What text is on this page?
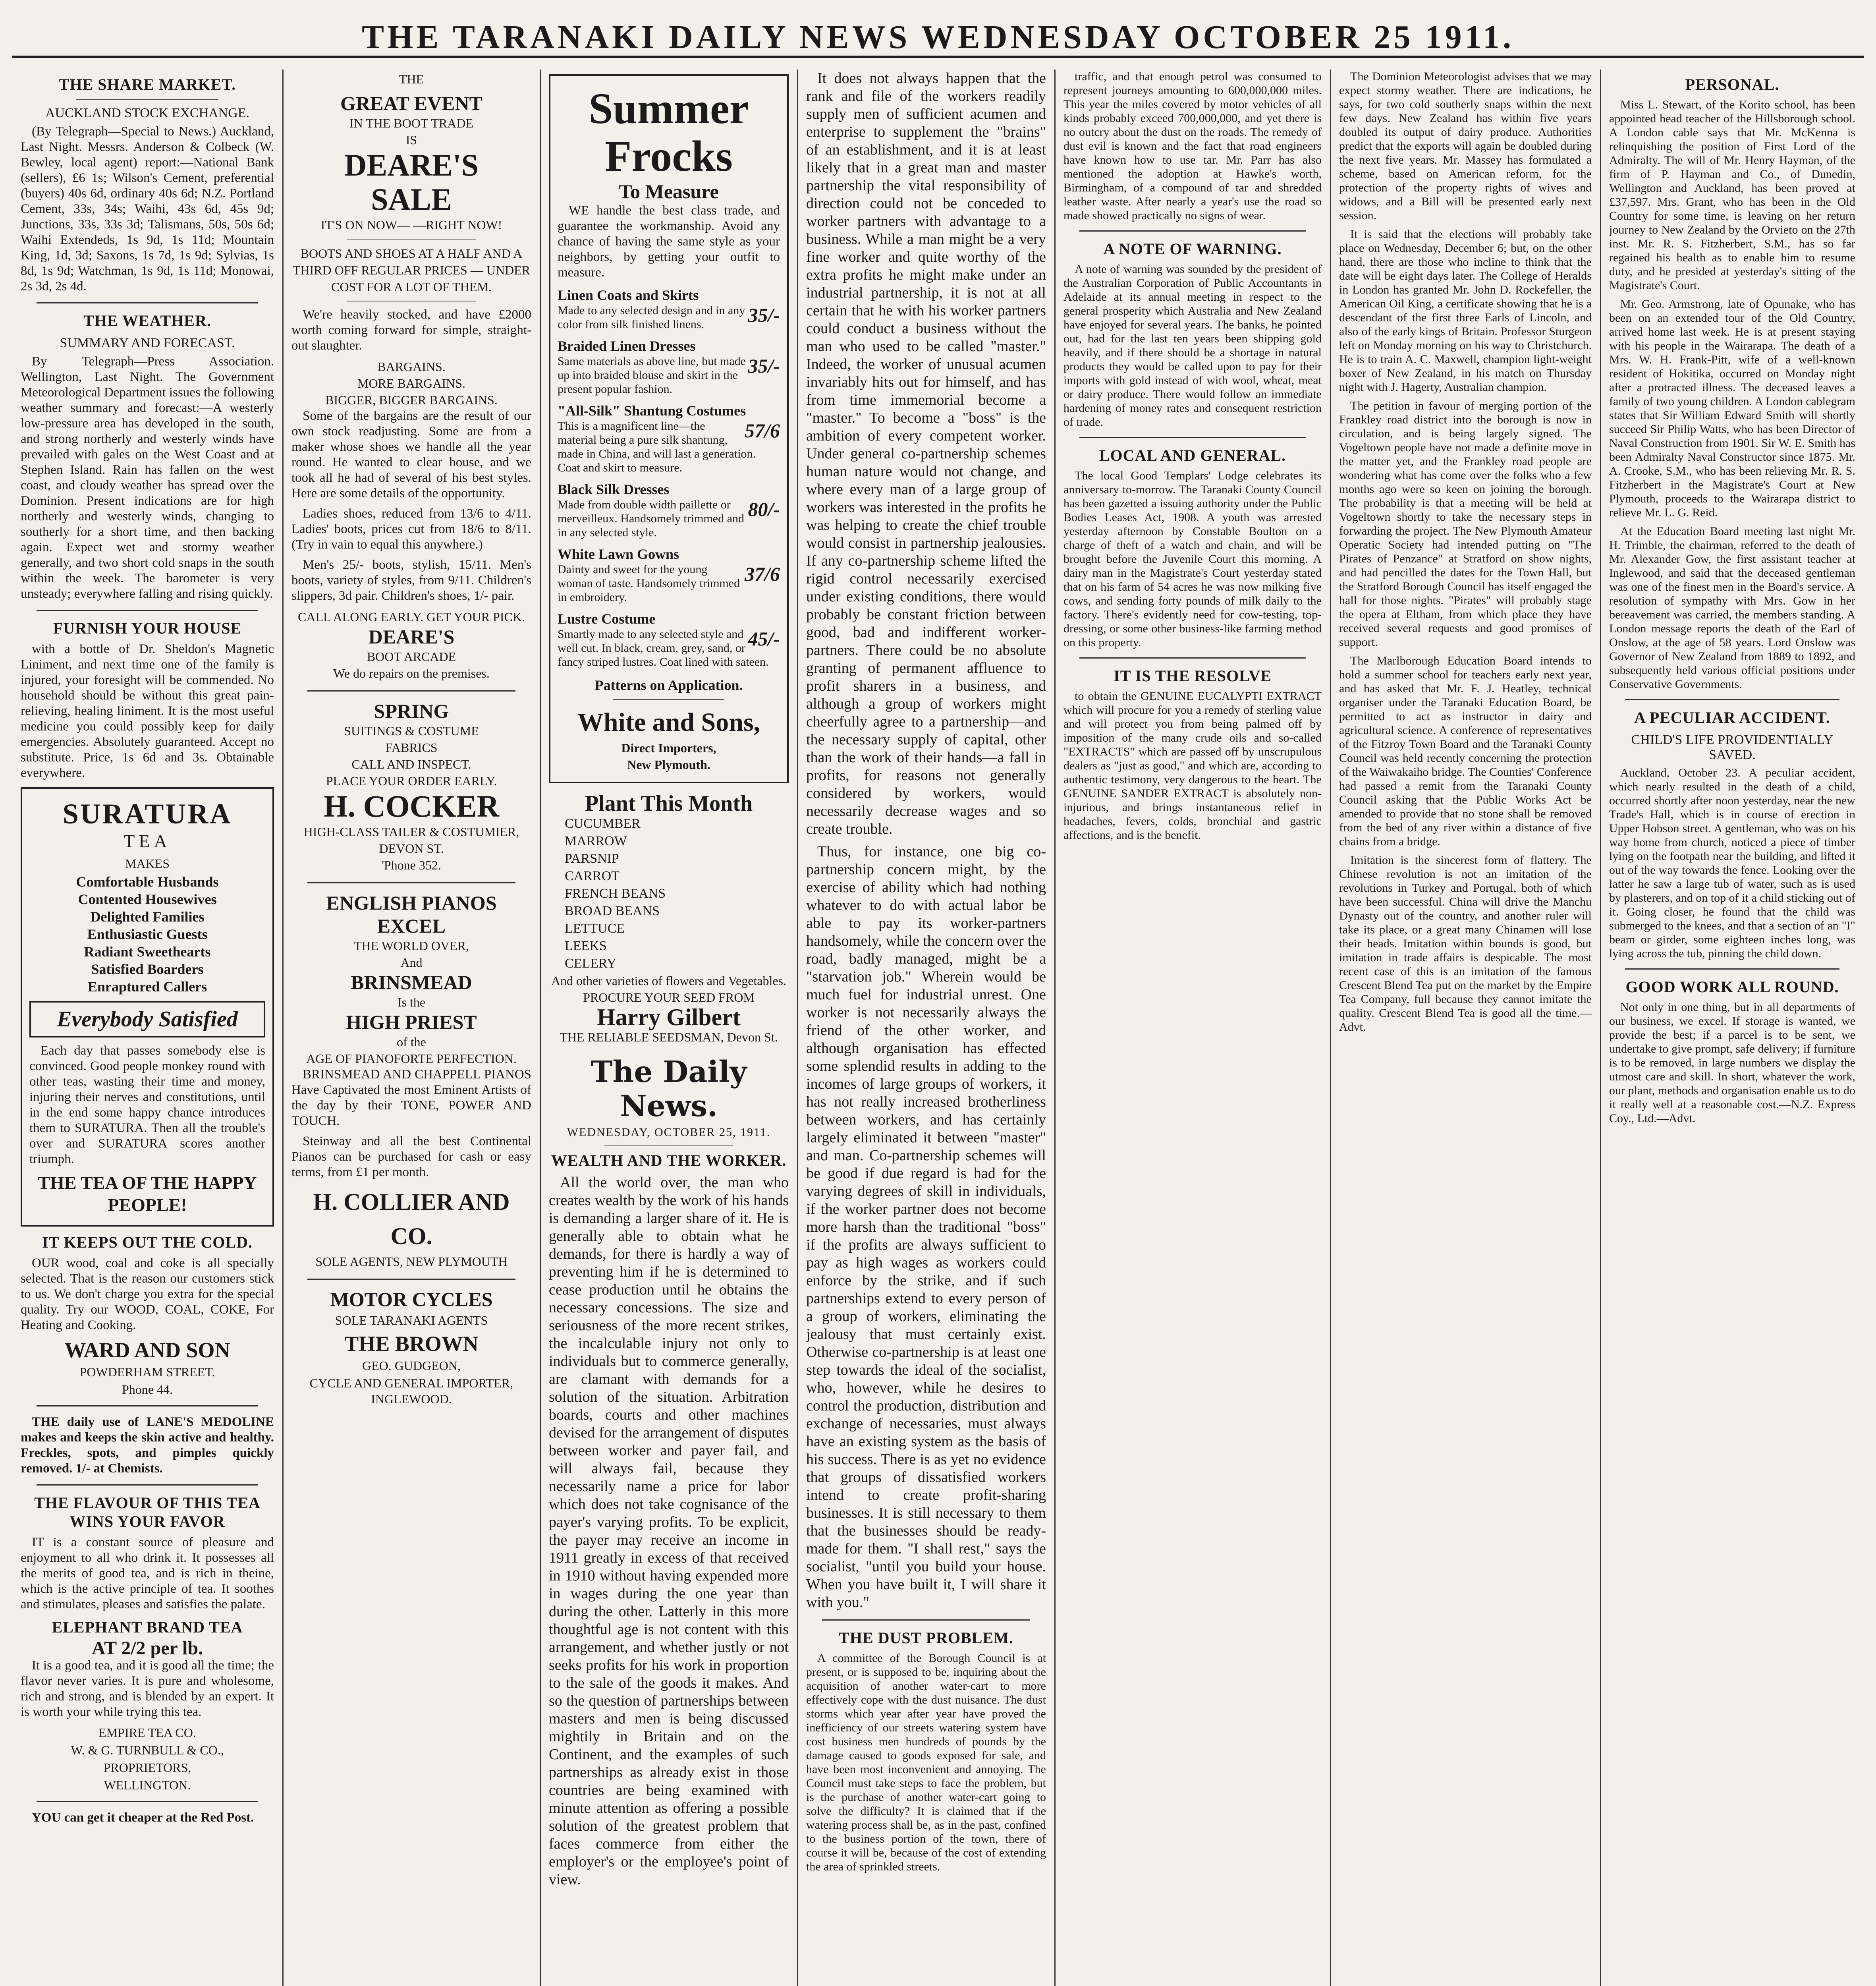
THE TARANAKI DAILY NEWS WEDNESDAY OCTOBER 25 1911.
THE SHARE MARKET.
AUCKLAND STOCK EXCHANGE.

(By Telegraph—Special to News.) Auckland, Last Night. Messrs. Anderson & Colbeck (W. Bewley, local agent) report:—National Bank (sellers), £6 1s; Wilson's Cement, preferential (buyers) 40s 6d, ordinary 40s 6d; N.Z. Portland Cement, 33s, 34s; Waihi, 43s 6d, 45s 9d; Junctions, 33s, 33s 3d; Talismans, 50s, 50s 6d; Waihi Extendeds, 1s 9d, 1s 11d; Mountain King, 1d, 3d; Saxons, 1s 7d, 1s 9d; Sylvias, 1s 8d, 1s 9d; Watchman, 1s 9d, 1s 11d; Monowai, 2s 3d, 2s 4d.

THE WEATHER.
SUMMARY AND FORECAST.

By Telegraph—Press Association. Wellington, Last Night. The Government Meteorological Department issues the following weather summary and forecast:—A westerly low-pressure area has developed in the south, and strong northerly and westerly winds have prevailed with gales on the West Coast and at Stephen Island. Rain has fallen on the west coast, and cloudy weather has spread over the Dominion. Present indications are for high northerly and westerly winds, changing to southerly for a short time, and then backing again. Expect wet and stormy weather generally, and two short cold snaps in the south within the week. The barometer is very unsteady; everywhere falling and rising quickly.

FURNISH YOUR HOUSE

with a bottle of Dr. Sheldon's Magnetic Liniment, and next time one of the family is injured, your foresight will be commended. No household should be without this great pain-relieving, healing liniment. It is the most useful medicine you could possibly keep for daily emergencies. Absolutely guaranteed. Accept no substitute. Price, 1s 6d and 3s. Obtainable everywhere.

SURATURA
TEA
MAKES
Comfortable Husbands
Contented Housewives
Delighted Families
Enthusiastic Guests
Radiant Sweethearts
Satisfied Boarders
Enraptured Callers
Everybody Satisfied

Each day that passes somebody else is convinced. Good people monkey round with other teas, wasting their time and money, injuring their nerves and constitutions, until in the end some happy chance introduces them to SURATURA. Then all the trouble's over and SURATURA scores another triumph.

THE TEA OF THE HAPPY PEOPLE!
IT KEEPS OUT THE COLD.

OUR wood, coal and coke is all specially selected. That is the reason our customers stick to us. We don't charge you extra for the special quality. Try our WOOD, COAL, COKE, For Heating and Cooking.

WARD AND SON
POWDERHAM STREET.
Phone 44.

THE daily use of LANE'S MEDOLINE makes and keeps the skin active and healthy. Freckles, spots, and pimples quickly removed. 1/- at Chemists.

THE FLAVOUR OF THIS TEA WINS YOUR FAVOR

IT is a constant source of pleasure and enjoyment to all who drink it. It possesses all the merits of good tea, and is rich in theine, which is the active principle of tea. It soothes and stimulates, pleases and satisfies the palate.

ELEPHANT BRAND TEA
AT 2/2 per lb.

It is a good tea, and it is good all the time; the flavor never varies. It is pure and wholesome, rich and strong, and is blended by an expert. It is worth your while trying this tea.

EMPIRE TEA CO.
W. & G. TURNBULL & CO.,
PROPRIETORS,
WELLINGTON.

YOU can get it cheaper at the Red Post.

THE
GREAT EVENT
IN THE BOOT TRADE
IS
DEARE'S
SALE
IT'S ON NOW— —RIGHT NOW!
BOOTS AND SHOES AT A HALF AND A THIRD OFF REGULAR PRICES — UNDER COST FOR A LOT OF THEM.

We're heavily stocked, and have £2000 worth coming forward for simple, straight-out slaughter.

BARGAINS.
MORE BARGAINS.
BIGGER, BIGGER BARGAINS.

Some of the bargains are the result of our own stock readjusting. Some are from a maker whose shoes we handle all the year round. He wanted to clear house, and we took all he had of several of his best styles. Here are some details of the opportunity.

Ladies shoes, reduced from 13/6 to 4/11. Ladies' boots, prices cut from 18/6 to 8/11. (Try in vain to equal this anywhere.)

Men's 25/- boots, stylish, 15/11. Men's boots, variety of styles, from 9/11. Children's slippers, 3d pair. Children's shoes, 1/- pair.

CALL ALONG EARLY. GET YOUR PICK.
DEARE'S
BOOT ARCADE
We do repairs on the premises.
SPRING
SUITINGS & COSTUME
FABRICS
CALL AND INSPECT.
PLACE YOUR ORDER EARLY.
H. COCKER
HIGH-CLASS TAILER & COSTUMIER, DEVON ST.
'Phone 352.
ENGLISH PIANOS
EXCEL
THE WORLD OVER,
And
BRINSMEAD
Is the
HIGH PRIEST
of the
AGE OF PIANOFORTE PERFECTION.

BRINSMEAD AND CHAPPELL PIANOS Have Captivated the most Eminent Artists of the day by their TONE, POWER AND TOUCH.

Steinway and all the best Continental Pianos can be purchased for cash or easy terms, from £1 per month.

H. COLLIER AND CO.
SOLE AGENTS, NEW PLYMOUTH
MOTOR CYCLES
SOLE TARANAKI AGENTS
THE BROWN
GEO. GUDGEON,
CYCLE AND GENERAL IMPORTER, INGLEWOOD.
Summer
Frocks
To Measure

WE handle the best class trade, and guarantee the workmanship. Avoid any chance of having the same style as your neighbors, by getting your outfit to measure.

Linen Coats and Skirts
35/-
Made to any selected design and in any color from silk finished linens.
Braided Linen Dresses
35/-
Same materials as above line, but made up into braided blouse and skirt in the present popular fashion.
"All-Silk" Shantung Costumes
57/6
This is a magnificent line—the material being a pure silk shantung, made in China, and will last a generation. Coat and skirt to measure.
Black Silk Dresses
80/-
Made from double width paillette or merveilleux. Handsomely trimmed and in any selected style.
White Lawn Gowns
37/6
Dainty and sweet for the young woman of taste. Handsomely trimmed in embroidery.
Lustre Costume
45/-
Smartly made to any selected style and well cut. In black, cream, grey, sand, or fancy striped lustres. Coat lined with sateen.
Patterns on Application.
White and Sons,
Direct Importers,
New Plymouth.
Plant This Month
CUCUMBER
MARROW
PARSNIP
CARROT
FRENCH BEANS
BROAD BEANS
LETTUCE
LEEKS
CELERY
And other varieties of flowers and Vegetables.
PROCURE YOUR SEED FROM
Harry Gilbert
THE RELIABLE SEEDSMAN, Devon St.
The Daily News.
WEDNESDAY, OCTOBER 25, 1911.
WEALTH AND THE WORKER.

All the world over, the man who creates wealth by the work of his hands is demanding a larger share of it. He is generally able to obtain what he demands, for there is hardly a way of preventing him if he is determined to cease production until he obtains the necessary concessions. The size and seriousness of the more recent strikes, the incalculable injury not only to individuals but to commerce generally, are clamant with demands for a solution of the situation. Arbitration boards, courts and other machines devised for the arrangement of disputes between worker and payer fail, and will always fail, because they necessarily name a price for labor which does not take cognisance of the payer's varying profits. To be explicit, the payer may receive an income in 1911 greatly in excess of that received in 1910 without having expended more in wages during the one year than during the other. Latterly in this more thoughtful age is not content with this arrangement, and whether justly or not seeks profits for his work in proportion to the sale of the goods it makes. And so the question of partnerships between masters and men is being discussed mightily in Britain and on the Continent, and the examples of such partnerships as already exist in those countries are being examined with minute attention as offering a possible solution of the greatest problem that faces commerce from either the employer's or the employee's point of view.

It does not always happen that the rank and file of the workers readily supply men of sufficient acumen and enterprise to supplement the "brains" of an establishment, and it is at least likely that in a great man and master partnership the vital responsibility of direction could not be conceded to worker partners with advantage to a business. While a man might be a very fine worker and quite worthy of the extra profits he might make under an industrial partnership, it is not at all certain that he with his worker partners could conduct a business without the man who used to be called "master." Indeed, the worker of unusual acumen invariably hits out for himself, and has from time immemorial become a "master." To become a "boss" is the ambition of every competent worker. Under general co-partnership schemes human nature would not change, and where every man of a large group of workers was interested in the profits he was helping to create the chief trouble would consist in partnership jealousies. If any co-partnership scheme lifted the rigid control necessarily exercised under existing conditions, there would probably be constant friction between good, bad and indifferent worker-partners. There could be no absolute granting of permanent affluence to profit sharers in a business, and although a group of workers might cheerfully agree to a partnership—and the necessary supply of capital, other than the work of their hands—a fall in profits, for reasons not generally considered by workers, would necessarily decrease wages and so create trouble.

Thus, for instance, one big co-partnership concern might, by the exercise of ability which had nothing whatever to do with actual labor be able to pay its worker-partners handsomely, while the concern over the road, badly managed, might be a "starvation job." Wherein would be much fuel for industrial unrest. One worker is not necessarily always the friend of the other worker, and although organisation has effected some splendid results in adding to the incomes of large groups of workers, it has not really increased brotherliness between workers, and has certainly largely eliminated it between "master" and man. Co-partnership schemes will be good if due regard is had for the varying degrees of skill in individuals, if the worker partner does not become more harsh than the traditional "boss" if the profits are always sufficient to pay as high wages as workers could enforce by the strike, and if such partnerships extend to every person of a group of workers, eliminating the jealousy that must certainly exist. Otherwise co-partnership is at least one step towards the ideal of the socialist, who, however, while he desires to control the production, distribution and exchange of necessaries, must always have an existing system as the basis of his success. There is as yet no evidence that groups of dissatisfied workers intend to create profit-sharing businesses. It is still necessary to them that the businesses should be ready-made for them. "I shall rest," says the socialist, "until you build your house. When you have built it, I will share it with you."

THE DUST PROBLEM.

A committee of the Borough Council is at present, or is supposed to be, inquiring about the acquisition of another water-cart to more effectively cope with the dust nuisance. The dust storms which year after year have proved the inefficiency of our streets watering system have cost business men hundreds of pounds by the damage caused to goods exposed for sale, and have been most inconvenient and annoying. The Council must take steps to face the problem, but is the purchase of another water-cart going to solve the difficulty? It is claimed that if the watering process shall be, as in the past, confined to the business portion of the town, there of course it will be, because of the cost of extending the area of sprinkled streets.

traffic, and that enough petrol was consumed to represent journeys amounting to 600,000,000 miles. This year the miles covered by motor vehicles of all kinds probably exceed 700,000,000, and yet there is no outcry about the dust on the roads. The remedy of dust evil is known and the fact that road engineers have known how to use tar. Mr. Parr has also mentioned the adoption at Hawke's worth, Birmingham, of a compound of tar and shredded leather waste. After nearly a year's use the road so made showed practically no signs of wear.

A NOTE OF WARNING.

A note of warning was sounded by the president of the Australian Corporation of Public Accountants in Adelaide at its annual meeting in respect to the general prosperity which Australia and New Zealand have enjoyed for several years. The banks, he pointed out, had for the last ten years been shipping gold heavily, and if there should be a shortage in natural products they would be called upon to pay for their imports with gold instead of with wool, wheat, meat or dairy produce. There would follow an immediate hardening of money rates and consequent restriction of trade.

LOCAL AND GENERAL.

The local Good Templars' Lodge celebrates its anniversary to-morrow. The Taranaki County Council has been gazetted a issuing authority under the Public Bodies Leases Act, 1908. A youth was arrested yesterday afternoon by Constable Boulton on a charge of theft of a watch and chain, and will be brought before the Juvenile Court this morning. A dairy man in the Magistrate's Court yesterday stated that on his farm of 54 acres he was now milking five cows, and sending forty pounds of milk daily to the factory. There's evidently need for cow-testing, top-dressing, or some other business-like farming method on this property.

IT IS THE RESOLVE

to obtain the GENUINE EUCALYPTI EXTRACT which will procure for you a remedy of sterling value and will protect you from being palmed off by imposition of the many crude oils and so-called "EXTRACTS" which are passed off by unscrupulous dealers as "just as good," and which are, according to authentic testimony, very dangerous to the heart. The GENUINE SANDER EXTRACT is absolutely non-injurious, and brings instantaneous relief in headaches, fevers, colds, bronchial and gastric affections, and is the benefit.

The Dominion Meteorologist advises that we may expect stormy weather. There are indications, he says, for two cold southerly snaps within the next few days. New Zealand has within five years doubled its output of dairy produce. Authorities predict that the exports will again be doubled during the next five years. Mr. Massey has formulated a scheme, based on American reform, for the protection of the property rights of wives and widows, and a Bill will be presented early next session.

It is said that the elections will probably take place on Wednesday, December 6; but, on the other hand, there are those who incline to think that the date will be eight days later. The College of Heralds in London has granted Mr. John D. Rockefeller, the American Oil King, a certificate showing that he is a descendant of the first three Earls of Lincoln, and also of the early kings of Britain. Professor Sturgeon left on Monday morning on his way to Christchurch. He is to train A. C. Maxwell, champion light-weight boxer of New Zealand, in his match on Thursday night with J. Hagerty, Australian champion.

The petition in favour of merging portion of the Frankley road district into the borough is now in circulation, and is being largely signed. The Vogeltown people have not made a definite move in the matter yet, and the Frankley road people are wondering what has come over the folks who a few months ago were so keen on joining the borough. The probability is that a meeting will be held at Vogeltown shortly to take the necessary steps in forwarding the project. The New Plymouth Amateur Operatic Society had intended putting on "The Pirates of Penzance" at Stratford on show nights, and had pencilled the dates for the Town Hall, but the Stratford Borough Council has itself engaged the hall for those nights. "Pirates" will probably stage the opera at Eltham, from which place they have received several requests and good promises of support.

The Marlborough Education Board intends to hold a summer school for teachers early next year, and has asked that Mr. F. J. Heatley, technical organiser under the Taranaki Education Board, be permitted to act as instructor in dairy and agricultural science. A conference of representatives of the Fitzroy Town Board and the Taranaki County Council was held recently concerning the protection of the Waiwakaiho bridge. The Counties' Conference had passed a remit from the Taranaki County Council asking that the Public Works Act be amended to provide that no stone shall be removed from the bed of any river within a distance of five chains from a bridge.

Imitation is the sincerest form of flattery. The Chinese revolution is not an imitation of the revolutions in Turkey and Portugal, both of which have been successful. China will drive the Manchu Dynasty out of the country, and another ruler will take its place, or a great many Chinamen will lose their heads. Imitation within bounds is good, but imitation in trade affairs is despicable. The most recent case of this is an imitation of the famous Crescent Blend Tea put on the market by the Empire Tea Company, full because they cannot imitate the quality. Crescent Blend Tea is good all the time.—Advt.

PERSONAL.

Miss L. Stewart, of the Korito school, has been appointed head teacher of the Hillsborough school. A London cable says that Mr. McKenna is relinquishing the position of First Lord of the Admiralty. The will of Mr. Henry Hayman, of the firm of P. Hayman and Co., of Dunedin, Wellington and Auckland, has been proved at £37,597. Mrs. Grant, who has been in the Old Country for some time, is leaving on her return journey to New Zealand by the Orvieto on the 27th inst. Mr. R. S. Fitzherbert, S.M., has so far regained his health as to enable him to resume duty, and he presided at yesterday's sitting of the Magistrate's Court.

Mr. Geo. Armstrong, late of Opunake, who has been on an extended tour of the Old Country, arrived home last week. He is at present staying with his people in the Wairarapa. The death of a Mrs. W. H. Frank-Pitt, wife of a well-known resident of Hokitika, occurred on Monday night after a protracted illness. The deceased leaves a family of two young children. A London cablegram states that Sir William Edward Smith will shortly succeed Sir Philip Watts, who has been Director of Naval Construction from 1901. Sir W. E. Smith has been Admiralty Naval Constructor since 1875. Mr. A. Crooke, S.M., who has been relieving Mr. R. S. Fitzherbert in the Magistrate's Court at New Plymouth, proceeds to the Wairarapa district to relieve Mr. L. G. Reid.

At the Education Board meeting last night Mr. H. Trimble, the chairman, referred to the death of Mr. Alexander Gow, the first assistant teacher at Inglewood, and said that the deceased gentleman was one of the finest men in the Board's service. A resolution of sympathy with Mrs. Gow in her bereavement was carried, the members standing. A London message reports the death of the Earl of Onslow, at the age of 58 years. Lord Onslow was Governor of New Zealand from 1889 to 1892, and subsequently held various official positions under Conservative Governments.

A PECULIAR ACCIDENT.
CHILD'S LIFE PROVIDENTIALLY SAVED.

Auckland, October 23. A peculiar accident, which nearly resulted in the death of a child, occurred shortly after noon yesterday, near the new Trade's Hall, which is in course of erection in Upper Hobson street. A gentleman, who was on his way home from church, noticed a piece of timber lying on the footpath near the building, and lifted it out of the way towards the fence. Looking over the latter he saw a large tub of water, such as is used by plasterers, and on top of it a child sticking out of it. Going closer, he found that the child was submerged to the knees, and that a section of an "I" beam or girder, some eighteen inches long, was lying across the tub, pinning the child down.

GOOD WORK ALL ROUND.

Not only in one thing, but in all departments of our business, we excel. If storage is wanted, we provide the best; if a parcel is to be sent, we undertake to give prompt, safe delivery; if furniture is to be removed, in large numbers we display the utmost care and skill. In short, whatever the work, our plant, methods and organisation enable us to do it really well at a reasonable cost.—N.Z. Express Coy., Ltd.—Advt.
